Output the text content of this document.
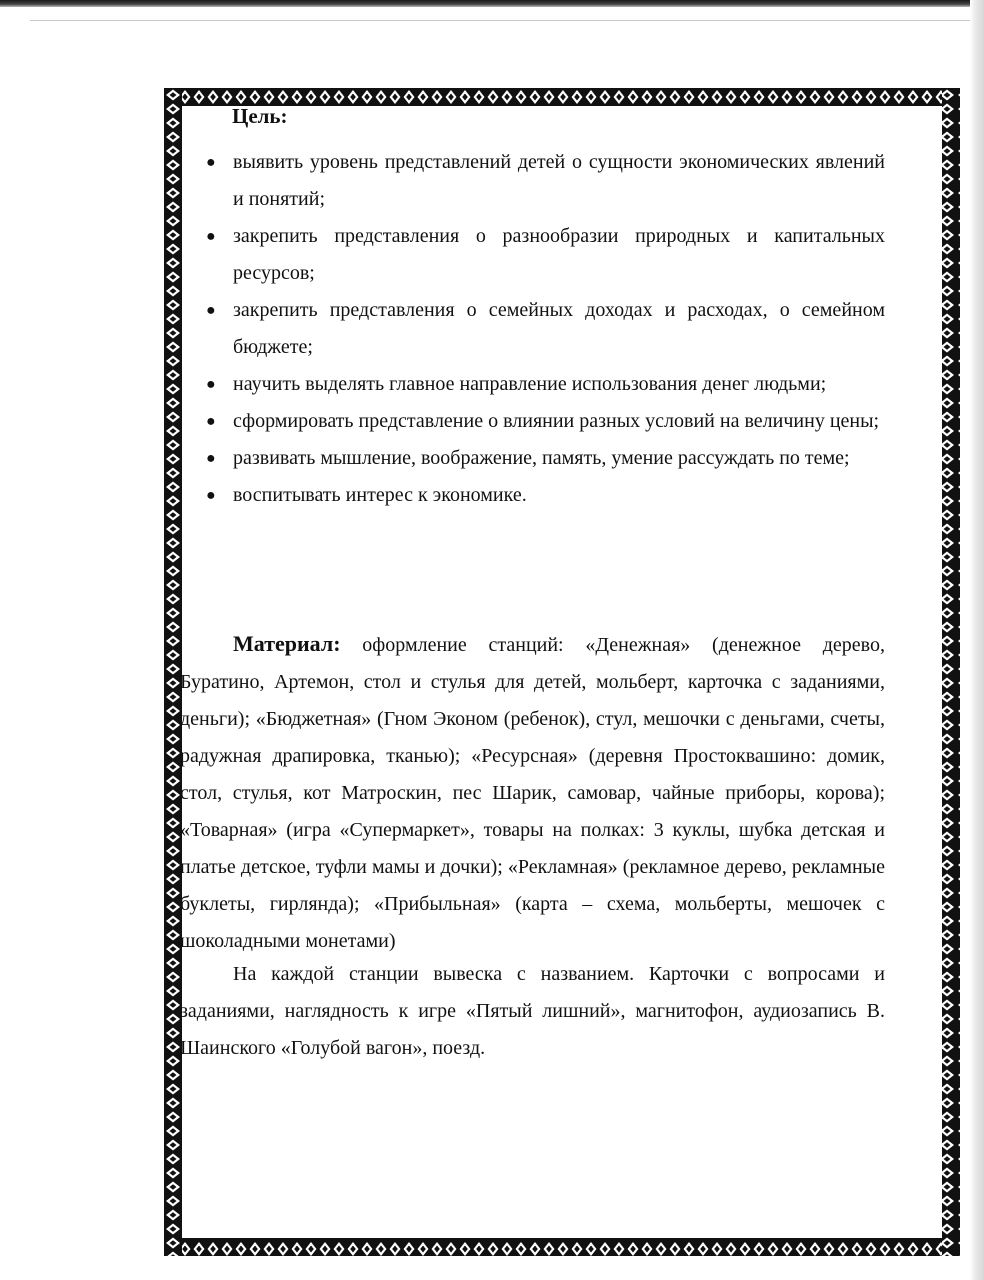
Цель:
● выявить уровень представлений детей о сущности экономических явлений и понятий;
● закрепить представления о разнообразии природных и капитальных ресурсов;
● закрепить представления о семейных доходах и расходах, о семейном бюджете;
● научить выделять главное направление использования денег людьми;
● сформировать представление о влиянии разных условий на величину цены;
● развивать мышление, воображение, память, умение рассуждать по теме;
● воспитывать интерес к экономике.

Материал: оформление станций: «Денежная» (денежное дерево, Буратино, Артемон, стол и стулья для детей, мольберт, карточка с заданиями, деньги); «Бюджетная» (Гном Эконом (ребенок), стул, мешочки с деньгами, счеты, радужная драпировка, тканью); «Ресурсная» (деревня Простоквашино: домик, стол, стулья, кот Матроскин, пес Шарик, самовар, чайные приборы, корова); «Товарная» (игра «Супермаркет», товары на полках: 3 куклы, шубка детская и платье детское, туфли мамы и дочки); «Рекламная» (рекламное дерево, рекламные буклеты, гирлянда); «Прибыльная» (карта – схема, мольберты, мешочек с шоколадными монетами)

На каждой станции вывеска с названием. Карточки с вопросами и заданиями, наглядность к игре «Пятый лишний», магнитофон, аудиозапись В. Шаинского «Голубой вагон», поезд.
